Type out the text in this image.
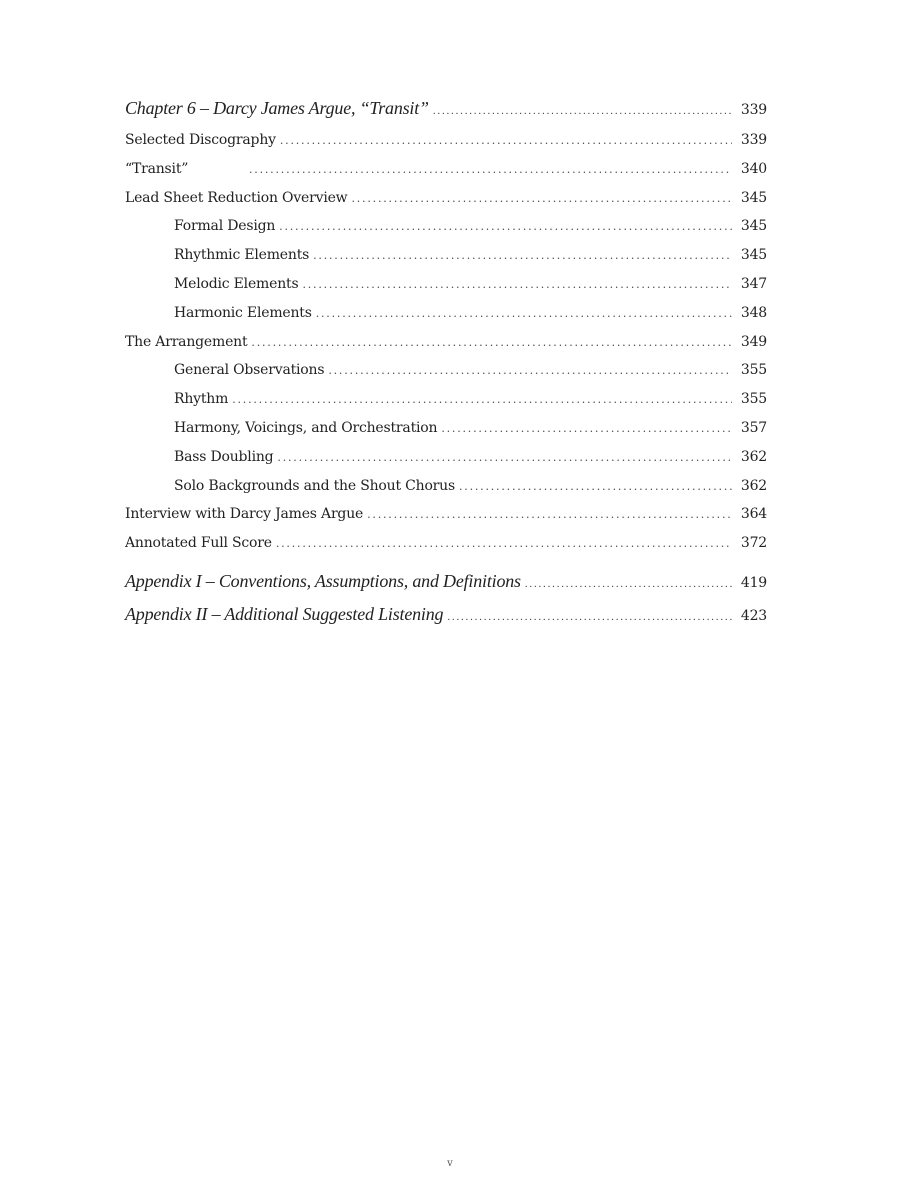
Chapter 6 – Darcy James Argue, “Transit” .....	339
Selected Discography .....	339
“Transit” .....	340
Lead Sheet Reduction Overview .....	345
Formal Design .....	345
Rhythmic Elements .....	345
Melodic Elements .....	347
Harmonic Elements .....	348
The Arrangement .....	349
General Observations .....	355
Rhythm .....	355
Harmony, Voicings, and Orchestration .....	357
Bass Doubling .....	362
Solo Backgrounds and the Shout Chorus .....	362
Interview with Darcy James Argue .....	364
Annotated Full Score .....	372
Appendix I – Conventions, Assumptions, and Definitions .....	419
Appendix II – Additional Suggested Listening .....	423
v
